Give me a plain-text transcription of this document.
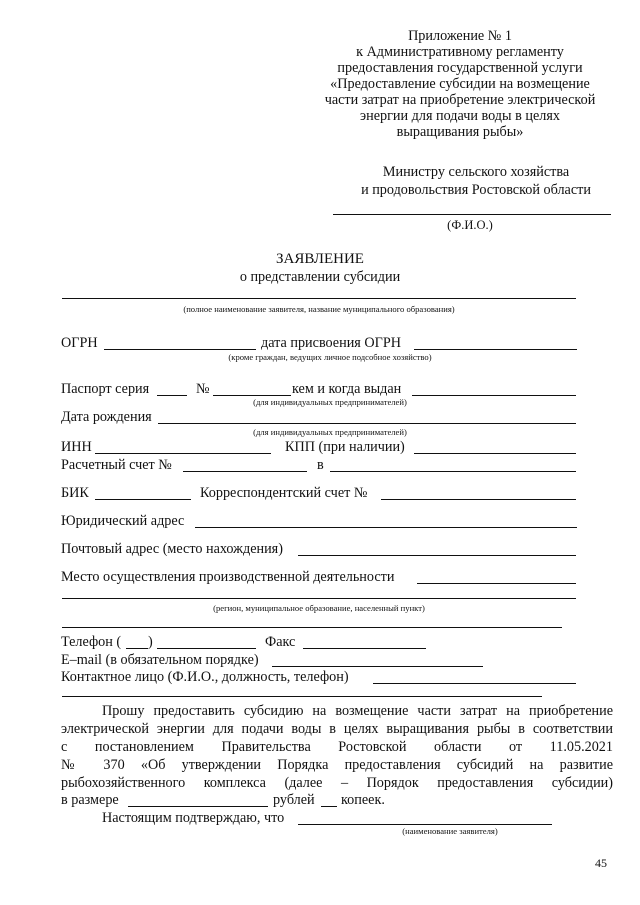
Приложение № 1
к Административному регламенту
предоставления государственной услуги
«Предоставление субсидии на возмещение
части затрат на приобретение электрической
энергии для подачи воды в целях
выращивания рыбы»
Министру сельского хозяйства
и продовольствия Ростовской области
(Ф.И.О.)
ЗАЯВЛЕНИЕ
о представлении субсидии
(полное наименование заявителя, название муниципального образования)
ОГРН	дата присвоения ОГРН
(кроме граждан, ведущих личное подсобное хозяйство)
Паспорт серия	№	кем и когда выдан
(для индивидуальных предпринимателей)
Дата рождения
(для индивидуальных предпринимателей)
ИНН	КПП (при наличии)
Расчетный счет №	в
БИК	Корреспондентский счет №
Юридический адрес
Почтовый адрес (место нахождения)
Место осуществления производственной деятельности
(регион, муниципальное образование, населенный пункт)
Телефон ( )	Факс
E–mail (в обязательном порядке)
Контактное лицо (Ф.И.О., должность, телефон)
Прошу предоставить субсидию на возмещение части затрат на приобретение
электрической энергии для подачи воды в целях выращивания рыбы в соответствии
с постановлением Правительства Ростовской области от 11.05.2021
№ 370 «Об утверждении Порядка предоставления субсидий на развитие
рыбохозяйственного комплекса (далее – Порядок предоставления субсидии)
в размере	рублей копеек.
Настоящим подтверждаю, что
(наименование заявителя)
45
